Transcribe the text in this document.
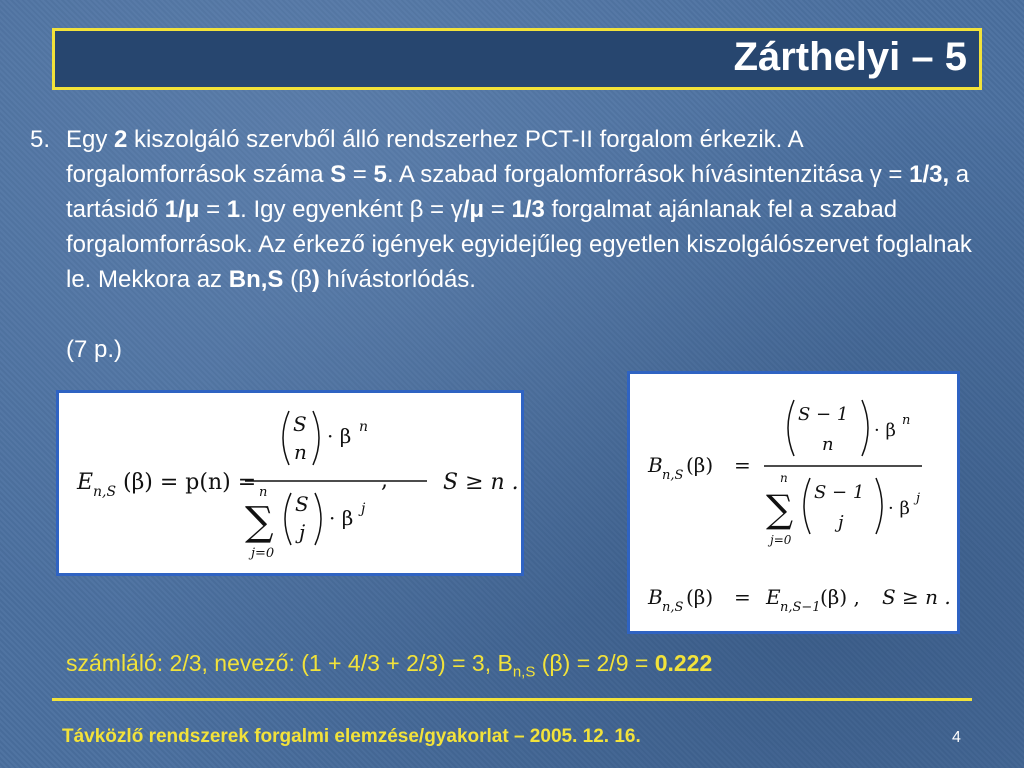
Zárthelyi – 5
5. Egy 2 kiszolgáló szervből álló rendszerhez PCT-II forgalom érkezik. A forgalomforrások száma S = 5. A szabad forgalomforrások hívásintenzitása γ = 1/3, a tartásidő 1/μ = 1. Igy egyenként β = γ/μ = 1/3 forgalmat ajánlanak fel a szabad forgalomforrások. Az érkező igények egyidejűleg egyetlen kiszolgálószervet foglalnak le. Mekkora az Bn,S (β) hívástorlódás.
(7 p.)
E n,S (β) = p(n) =
S
n
· β n
n
∑
j=0
S
j
· β j
,	S ≥ n .
B n,S (β) =
S − 1
n
· β n
n
∑
j=0
S − 1
j
· β j
B n,S (β) = E n,S−1 (β) , S ≥ n .
számláló: 2/3, nevező: (1 + 4/3 + 2/3) = 3, $B_{n,S}$ (β) = 2/9 = 0.222
Távközlő rendszerek forgalmi elemzése/gyakorlat – 2005. 12. 16.	4
